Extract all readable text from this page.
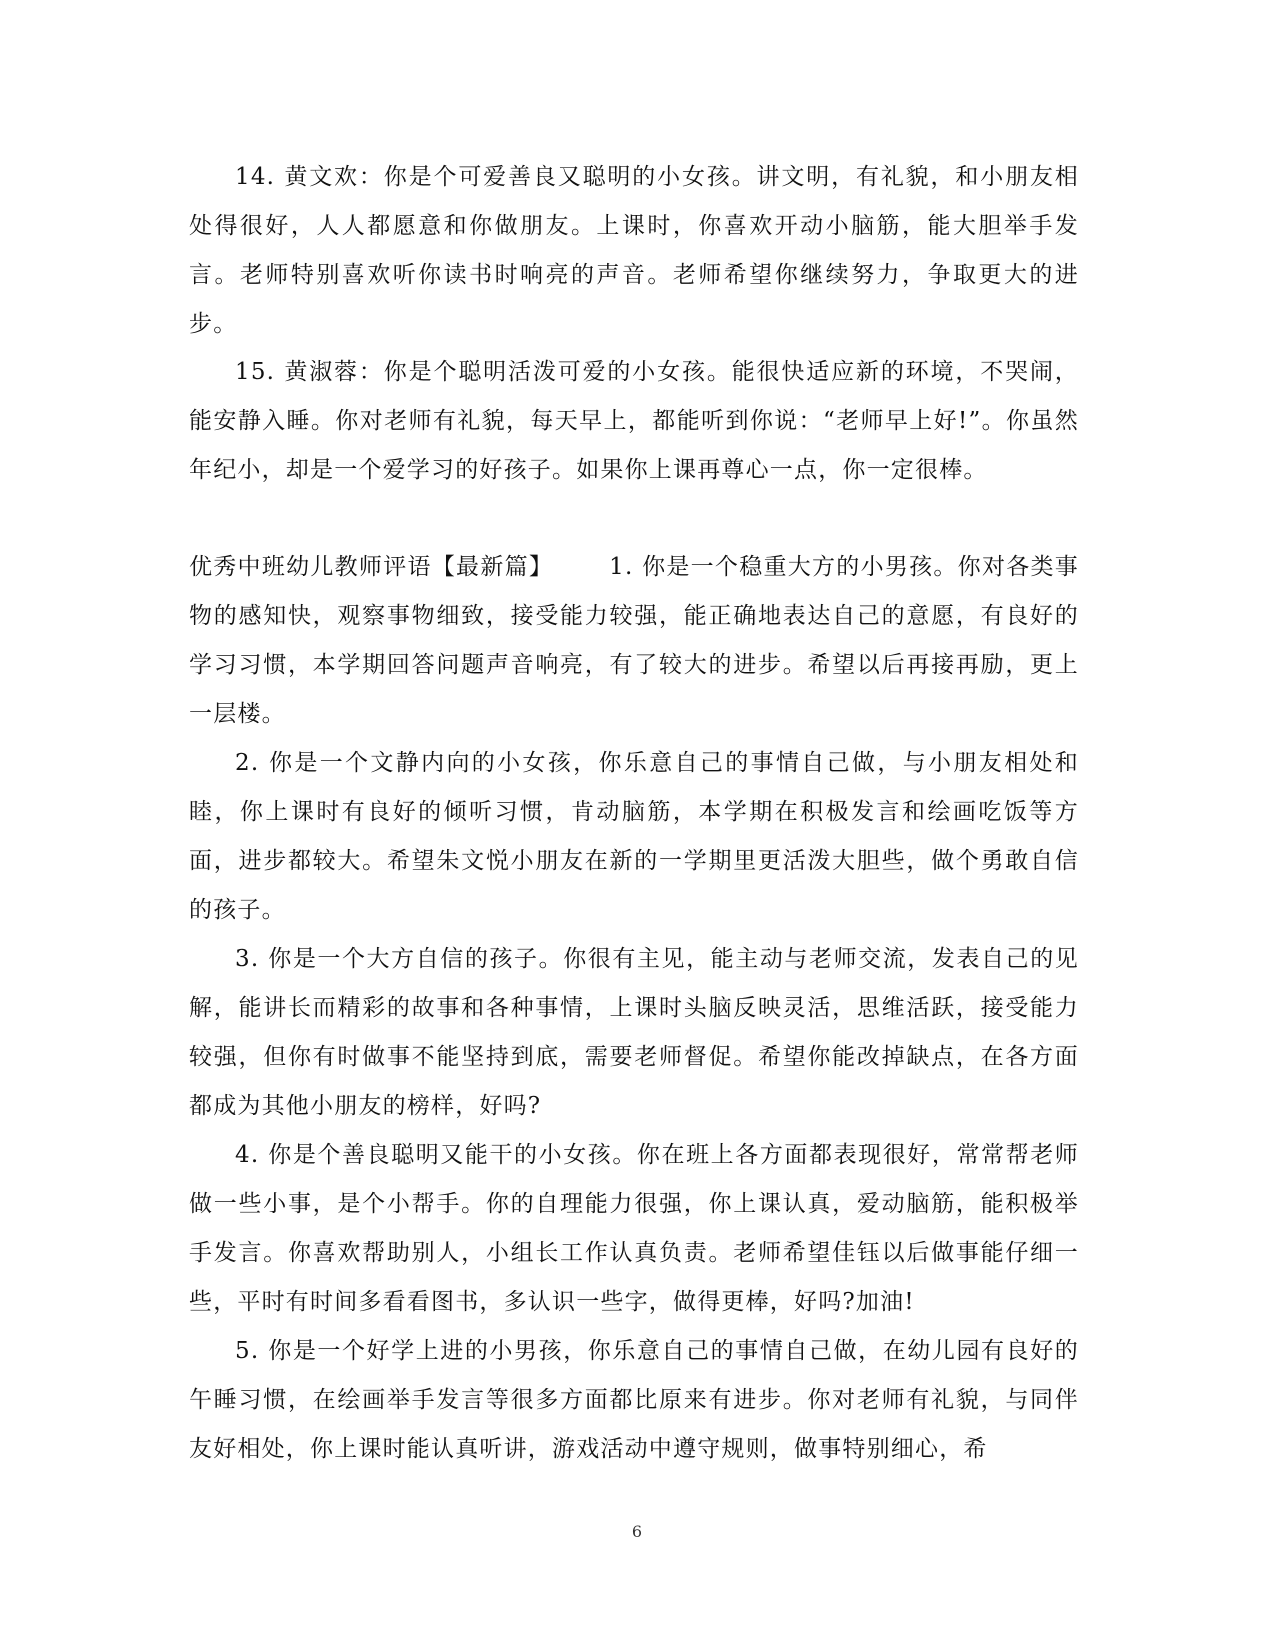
14. 黄文欢：你是个可爱善良又聪明的小女孩。讲文明，有礼貌，和小朋友相处得很好，人人都愿意和你做朋友。上课时，你喜欢开动小脑筋，能大胆举手发言。老师特别喜欢听你读书时响亮的声音。老师希望你继续努力，争取更大的进步。

15. 黄淑蓉：你是个聪明活泼可爱的小女孩。能很快适应新的环境，不哭闹，能安静入睡。你对老师有礼貌，每天早上，都能听到你说：“老师早上好!”。你虽然年纪小，却是一个爱学习的好孩子。如果你上课再尊心一点，你一定很棒。

优秀中班幼儿教师评语【最新篇】 1. 你是一个稳重大方的小男孩。你对各类事物的感知快，观察事物细致，接受能力较强，能正确地表达自己的意愿，有良好的学习习惯，本学期回答问题声音响亮，有了较大的进步。希望以后再接再励，更上一层楼。

2. 你是一个文静内向的小女孩，你乐意自己的事情自己做，与小朋友相处和睦，你上课时有良好的倾听习惯，肯动脑筋，本学期在积极发言和绘画吃饭等方面，进步都较大。希望朱文悦小朋友在新的一学期里更活泼大胆些，做个勇敢自信的孩子。

3. 你是一个大方自信的孩子。你很有主见，能主动与老师交流，发表自己的见解，能讲长而精彩的故事和各种事情，上课时头脑反映灵活，思维活跃，接受能力较强，但你有时做事不能坚持到底，需要老师督促。希望你能改掉缺点，在各方面都成为其他小朋友的榜样，好吗?

4. 你是个善良聪明又能干的小女孩。你在班上各方面都表现很好，常常帮老师做一些小事，是个小帮手。你的自理能力很强，你上课认真，爱动脑筋，能积极举手发言。你喜欢帮助别人，小组长工作认真负责。老师希望佳钰以后做事能仔细一些，平时有时间多看看图书，多认识一些字，做得更棒，好吗?加油!

5. 你是一个好学上进的小男孩，你乐意自己的事情自己做，在幼儿园有良好的午睡习惯，在绘画举手发言等很多方面都比原来有进步。你对老师有礼貌，与同伴友好相处，你上课时能认真听讲，游戏活动中遵守规则，做事特别细心，希

6
